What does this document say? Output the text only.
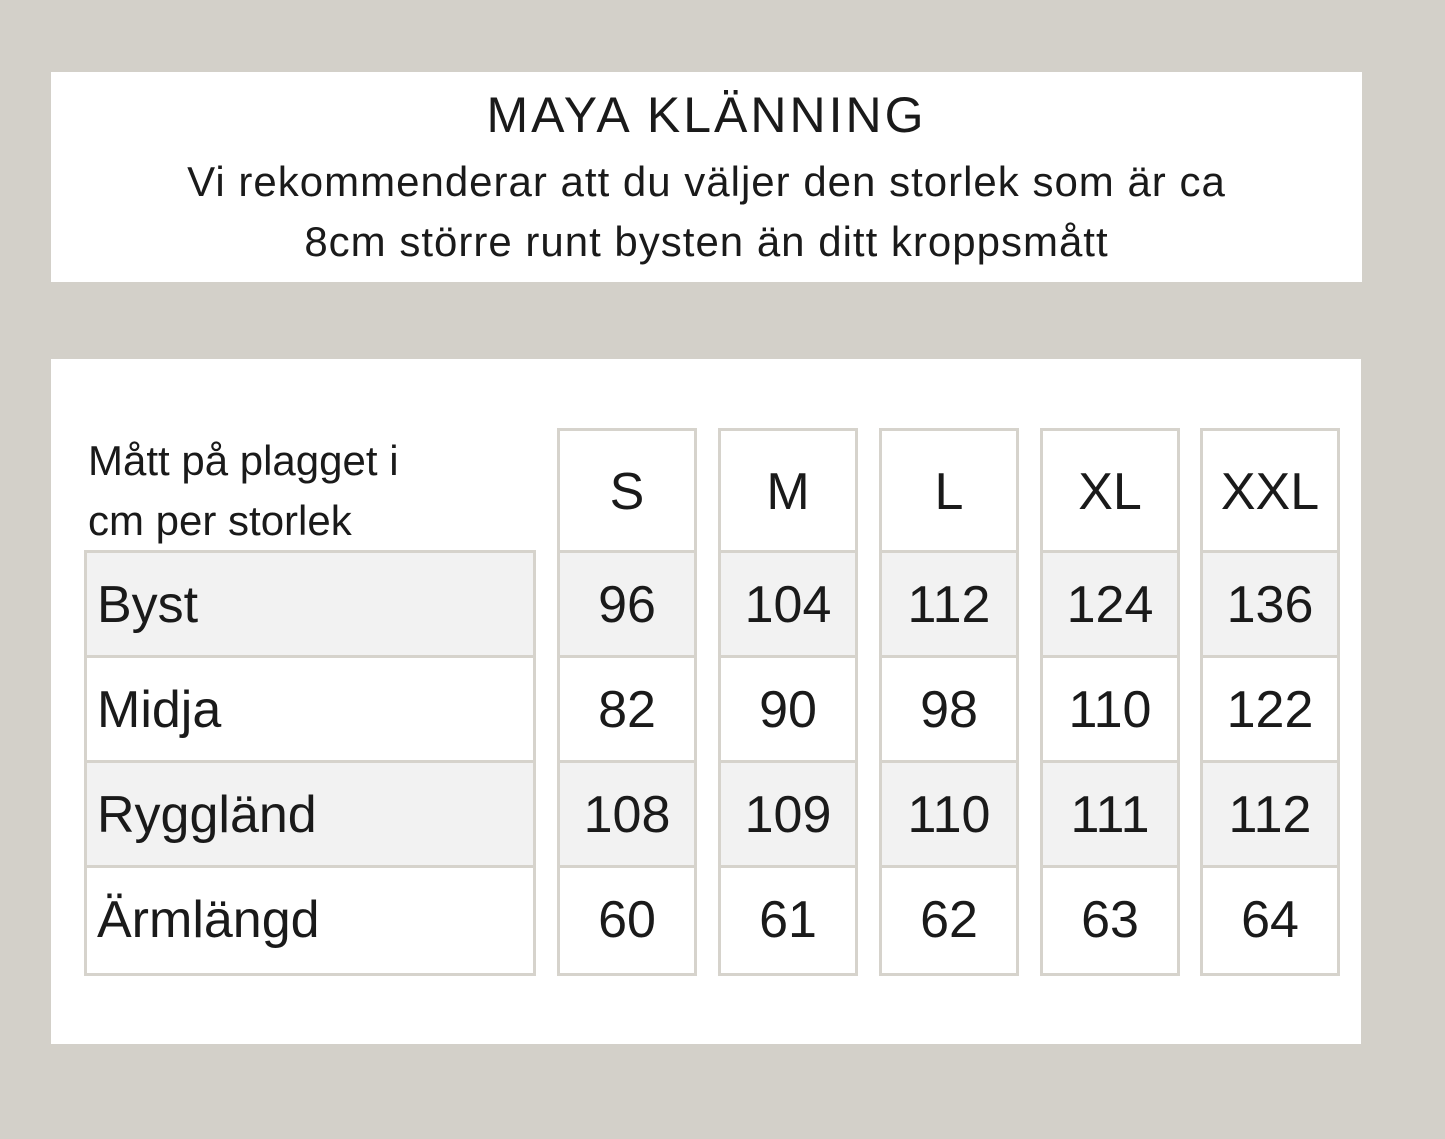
MAYA KLÄNNING
Vi rekommenderar att du väljer den storlek som är ca
8cm större runt bysten än ditt kroppsmått
Mått på plagget i
cm per storlek
Byst
Midja
Ryggländ
Ärmlängd
S
96
82
108
60
M
104
90
109
61
L
112
98
110
62
XL
124
110
111
63
XXL
136
122
112
64
